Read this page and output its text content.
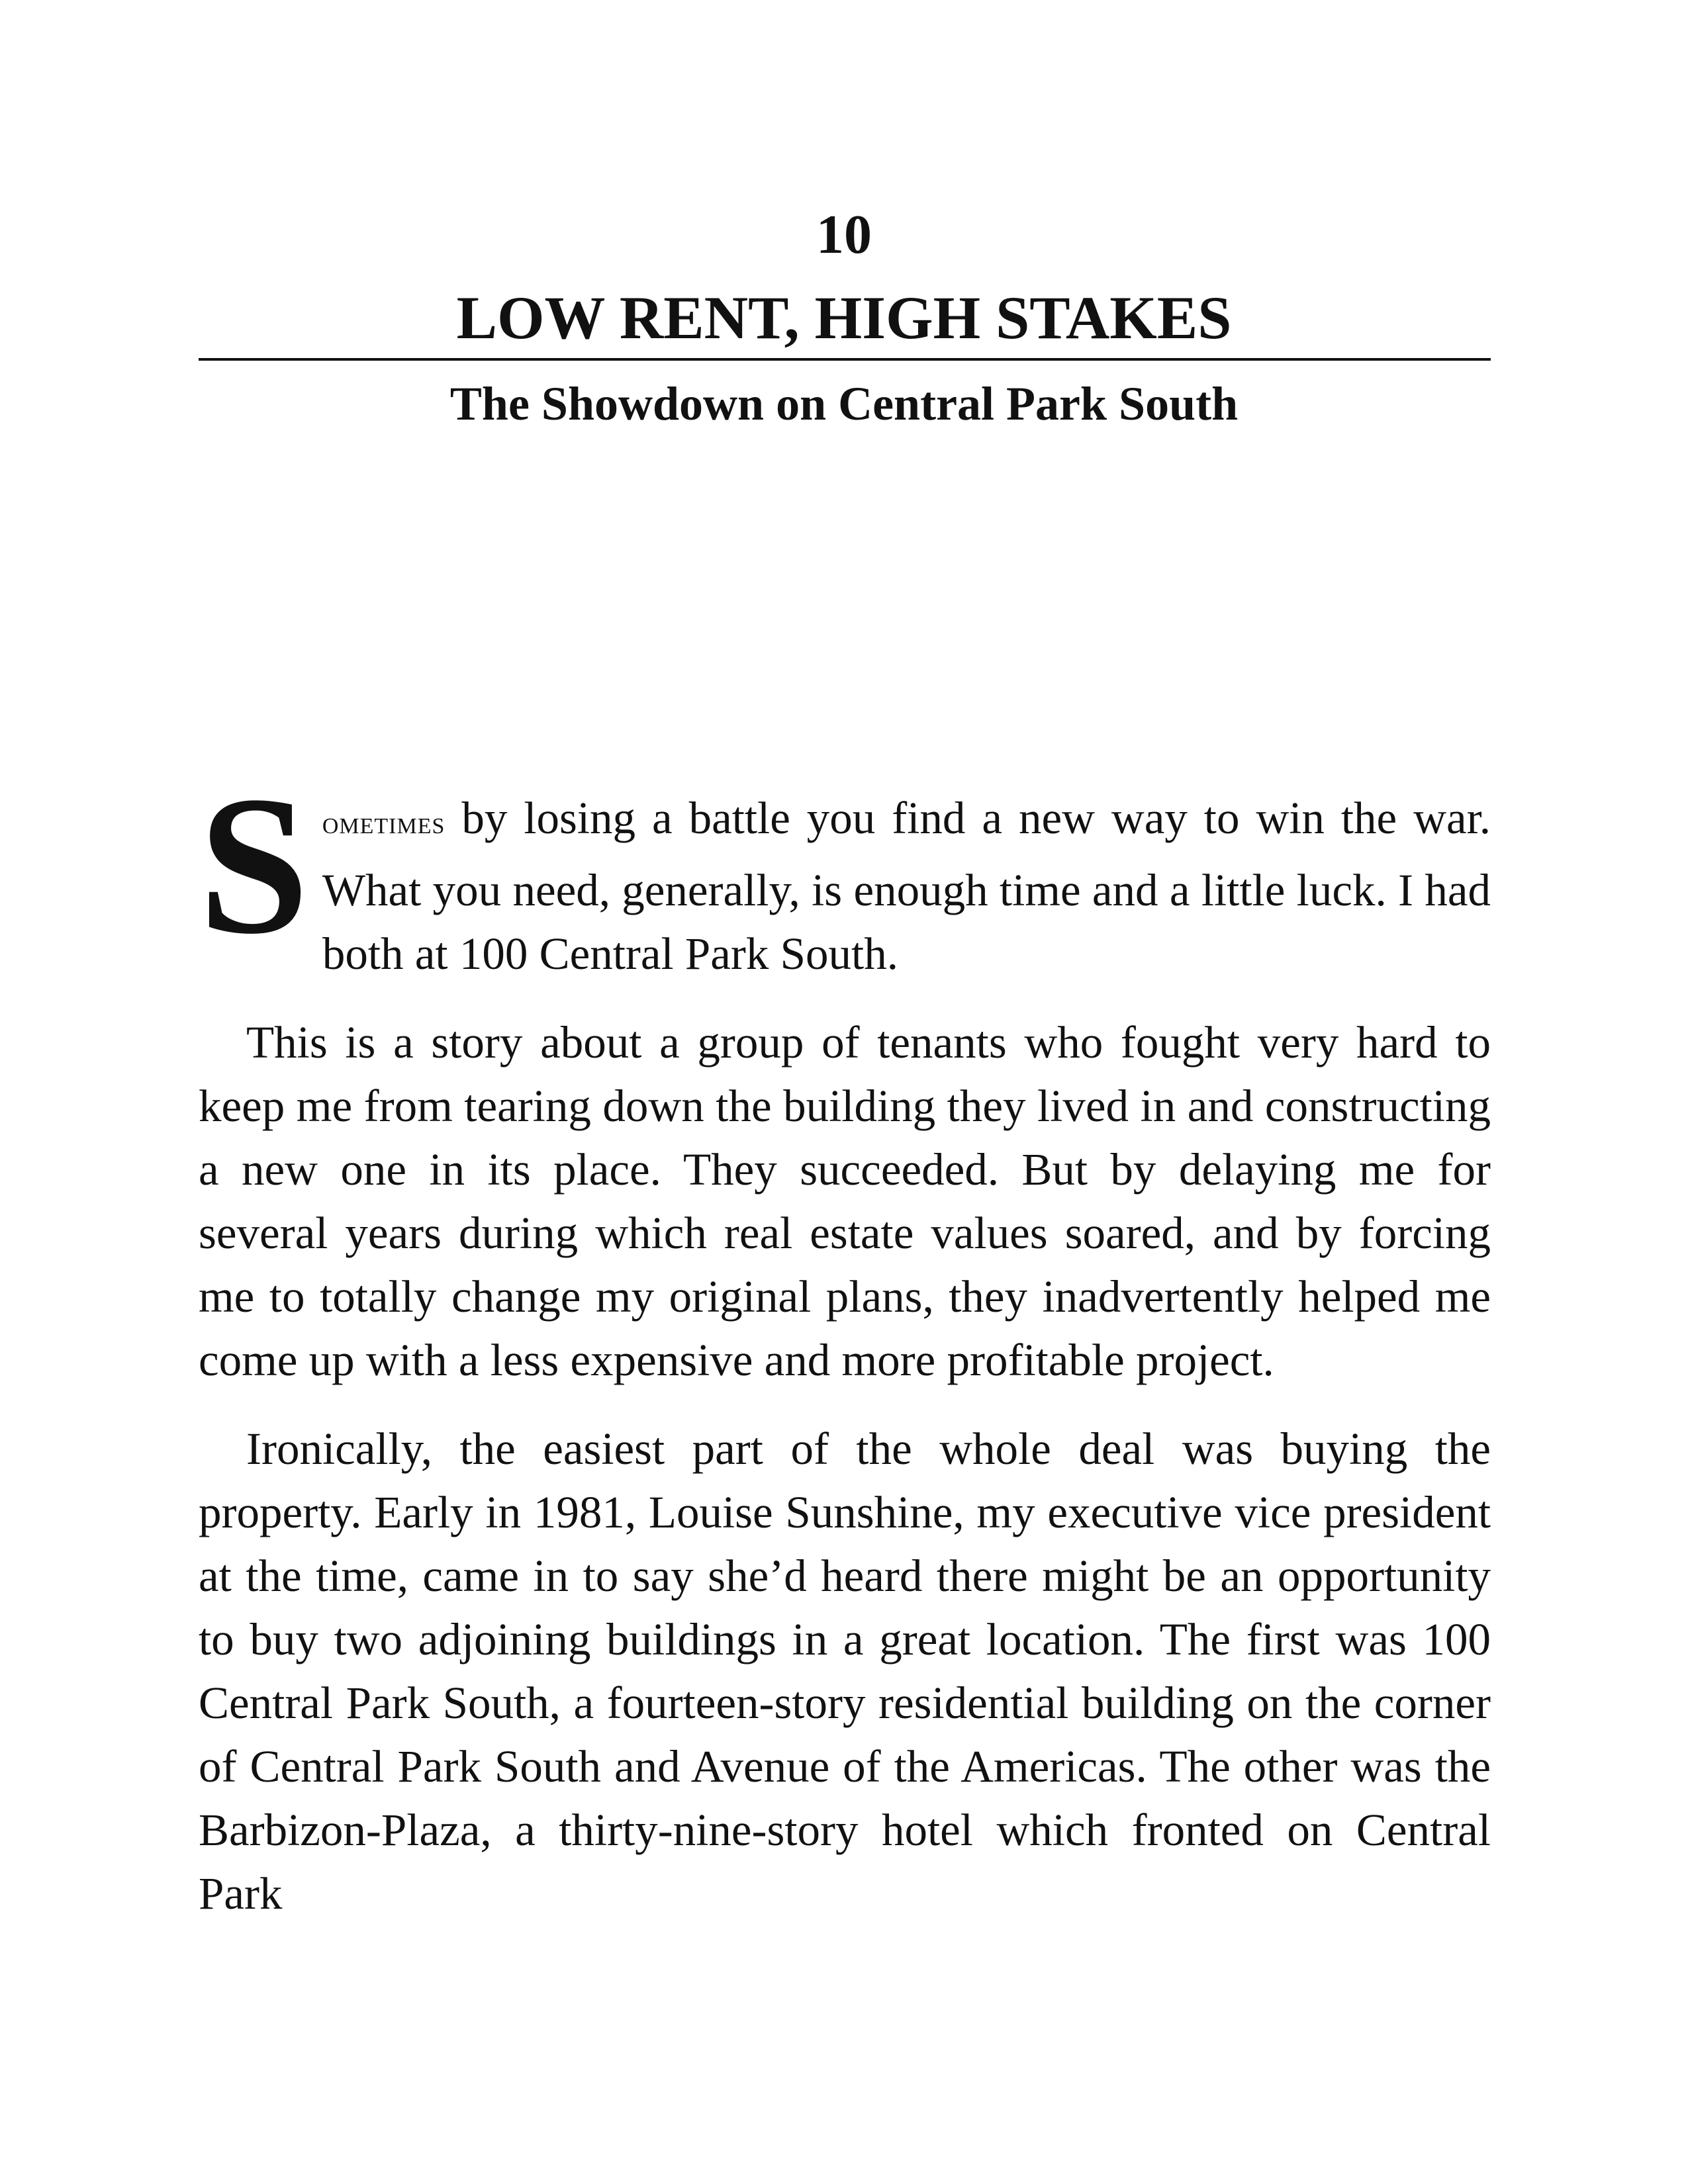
10
LOW RENT, HIGH STAKES
The Showdown on Central Park South

SOMETIMES by losing a battle you find a new way to win the war. What you need, generally, is enough time and a little luck. I had both at 100 Central Park South.

This is a story about a group of tenants who fought very hard to keep me from tearing down the building they lived in and constructing a new one in its place. They succeeded. But by delaying me for several years during which real estate values soared, and by forcing me to totally change my original plans, they inadvertently helped me come up with a less expensive and more profitable project.

Ironically, the easiest part of the whole deal was buying the property. Early in 1981, Louise Sunshine, my executive vice president at the time, came in to say she’d heard there might be an opportunity to buy two adjoining buildings in a great location. The first was 100 Central Park South, a fourteen-story residential building on the corner of Central Park South and Avenue of the Americas. The other was the Barbizon-Plaza, a thirty-nine-story hotel which fronted on Central Park
